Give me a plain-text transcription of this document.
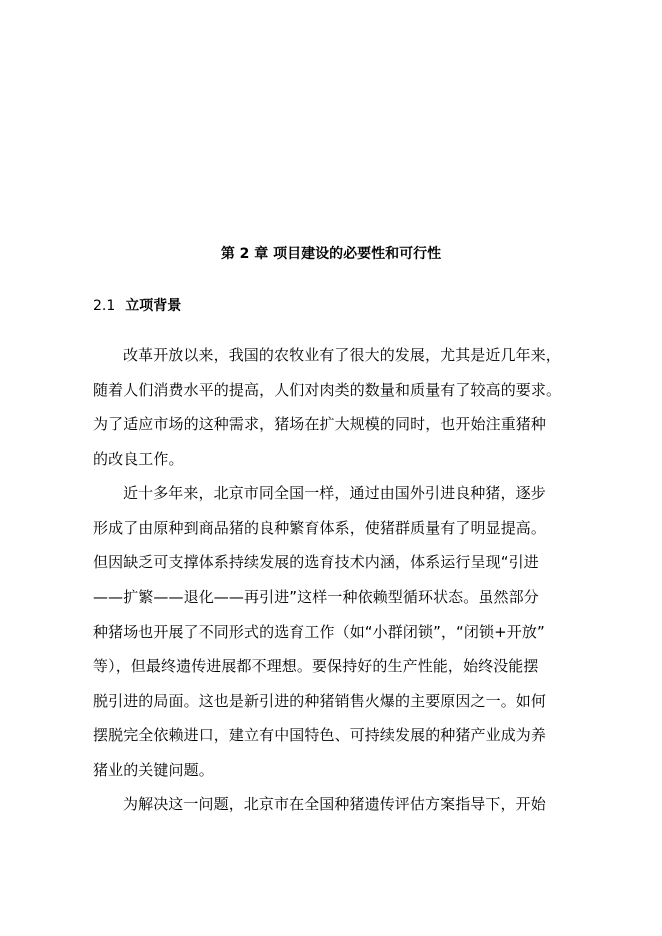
第 2 章 项目建设的必要性和可行性
2.1 立项背景
改革开放以来，我国的农牧业有了很大的发展，尤其是近几年来，
随着人们消费水平的提高，人们对肉类的数量和质量有了较高的要求。
为了适应市场的这种需求，猪场在扩大规模的同时，也开始注重猪种
的改良工作。
近十多年来，北京市同全国一样，通过由国外引进良种猪，逐步
形成了由原种到商品猪的良种繁育体系，使猪群质量有了明显提高。
但因缺乏可支撑体系持续发展的选育技术内涵，体系运行呈现“引进
——扩繁——退化——再引进”这样一种依赖型循环状态。虽然部分
种猪场也开展了不同形式的选育工作（如“小群闭锁”，“闭锁+开放”
等），但最终遗传进展都不理想。要保持好的生产性能，始终没能摆
脱引进的局面。这也是新引进的种猪销售火爆的主要原因之一。如何
摆脱完全依赖进口，建立有中国特色、可持续发展的种猪产业成为养
猪业的关键问题。
为解决这一问题，北京市在全国种猪遗传评估方案指导下，开始
